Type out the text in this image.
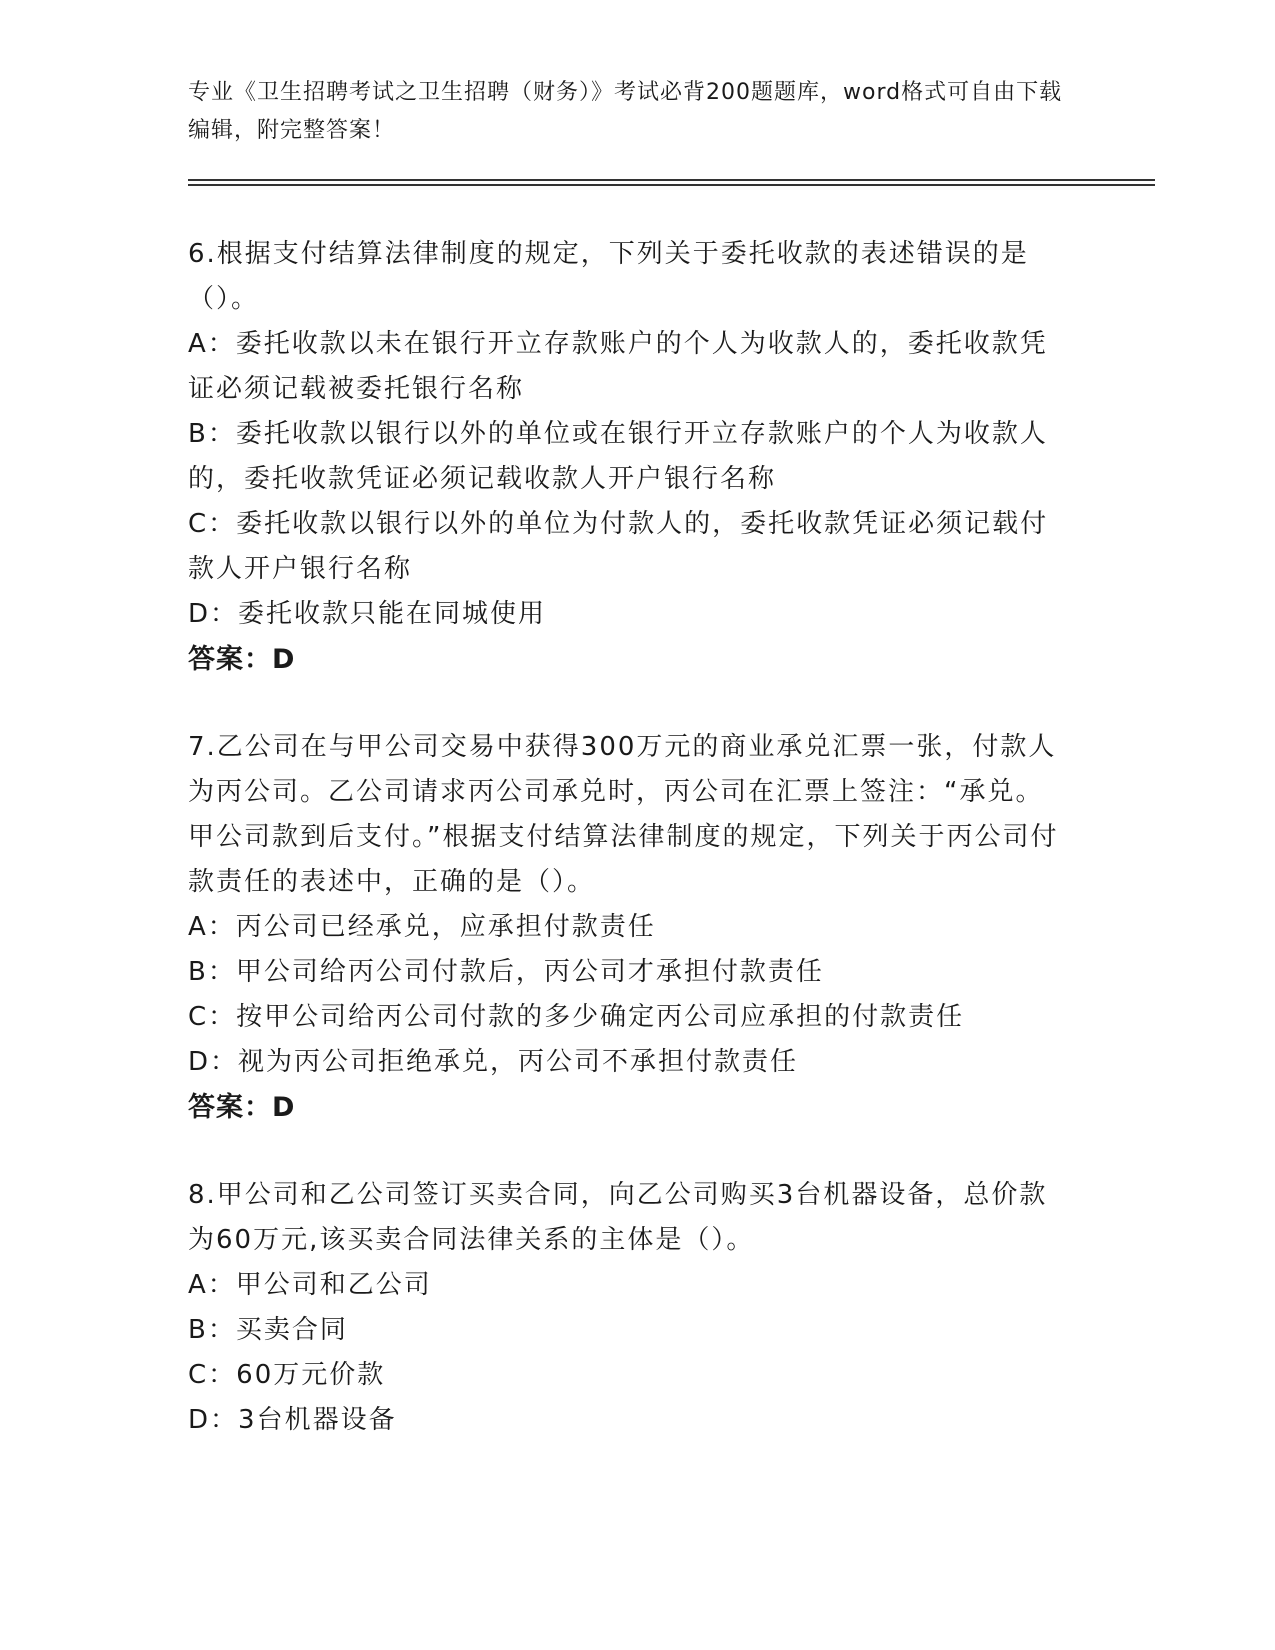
专业《卫生招聘考试之卫生招聘（财务）》考试必背200题题库，word格式可自由下载编辑，附完整答案！
6.根据支付结算法律制度的规定，下列关于委托收款的表述错误的是（）。
A：委托收款以未在银行开立存款账户的个人为收款人的，委托收款凭证必须记载被委托银行名称
B：委托收款以银行以外的单位或在银行开立存款账户的个人为收款人的，委托收款凭证必须记载收款人开户银行名称
C：委托收款以银行以外的单位为付款人的，委托收款凭证必须记载付款人开户银行名称
D：委托收款只能在同城使用
答案：D
7.乙公司在与甲公司交易中获得300万元的商业承兑汇票一张，付款人为丙公司。乙公司请求丙公司承兑时，丙公司在汇票上签注：“承兑。甲公司款到后支付。”根据支付结算法律制度的规定，下列关于丙公司付款责任的表述中，正确的是（）。
A：丙公司已经承兑，应承担付款责任
B：甲公司给丙公司付款后，丙公司才承担付款责任
C：按甲公司给丙公司付款的多少确定丙公司应承担的付款责任
D：视为丙公司拒绝承兑，丙公司不承担付款责任
答案：D
8.甲公司和乙公司签订买卖合同，向乙公司购买3台机器设备，总价款为60万元,该买卖合同法律关系的主体是（）。
A：甲公司和乙公司
B：买卖合同
C：60万元价款
D：3台机器设备
